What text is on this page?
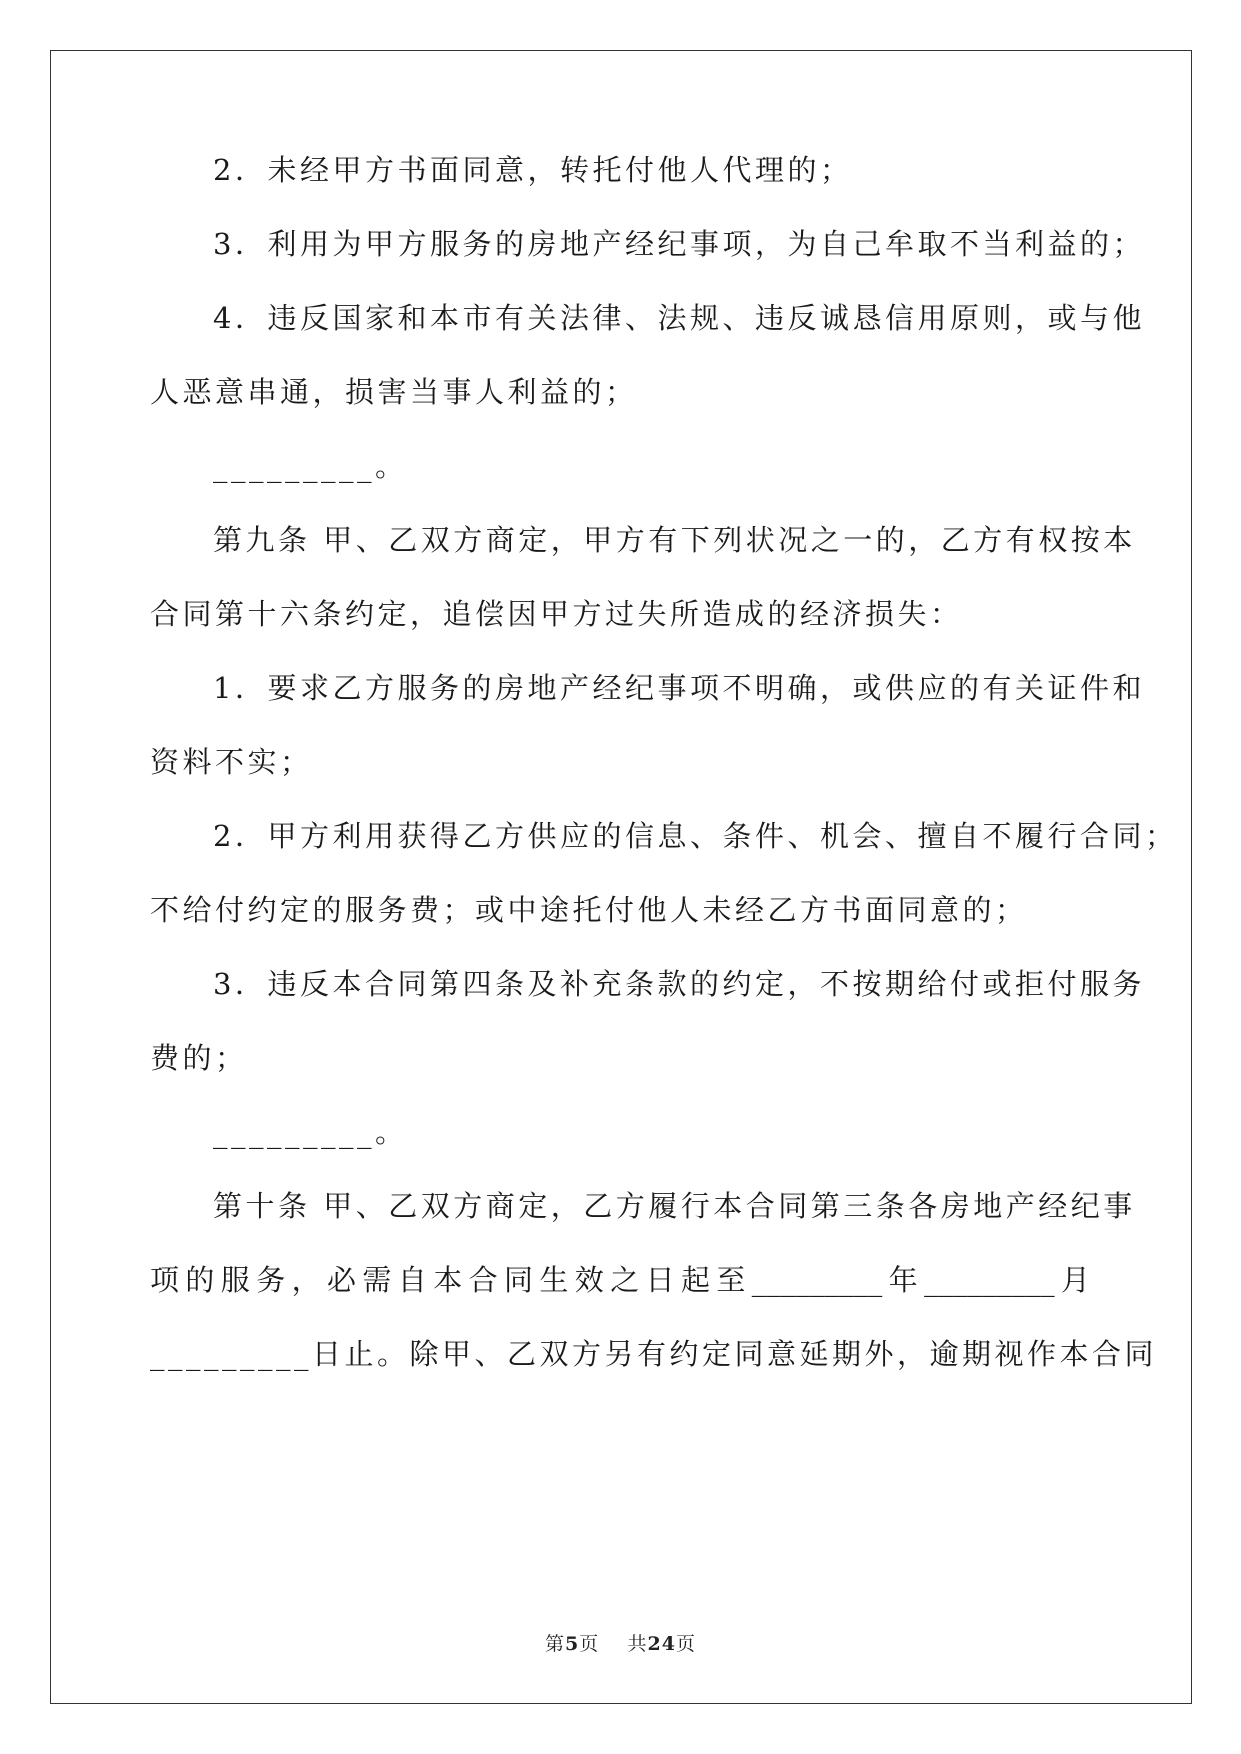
2．未经甲方书面同意，转托付他人代理的；
3．利用为甲方服务的房地产经纪事项，为自己牟取不当利益的；
4．违反国家和本市有关法律、法规、违反诚恳信用原则，或与他
人恶意串通，损害当事人利益的；
_________。
第九条 甲、乙双方商定，甲方有下列状况之一的，乙方有权按本
合同第十六条约定，追偿因甲方过失所造成的经济损失：
1．要求乙方服务的房地产经纪事项不明确，或供应的有关证件和
资料不实；
2．甲方利用获得乙方供应的信息、条件、机会、擅自不履行合同；
不给付约定的服务费；或中途托付他人未经乙方书面同意的；
3．违反本合同第四条及补充条款的约定，不按期给付或拒付服务
费的；
_________。
第十条 甲、乙双方商定，乙方履行本合同第三条各房地产经纪事
项的服务，必需自本合同生效之日起至_________年_________月
_________日止。除甲、乙双方另有约定同意延期外，逾期视作本合同
第5页 共24页
